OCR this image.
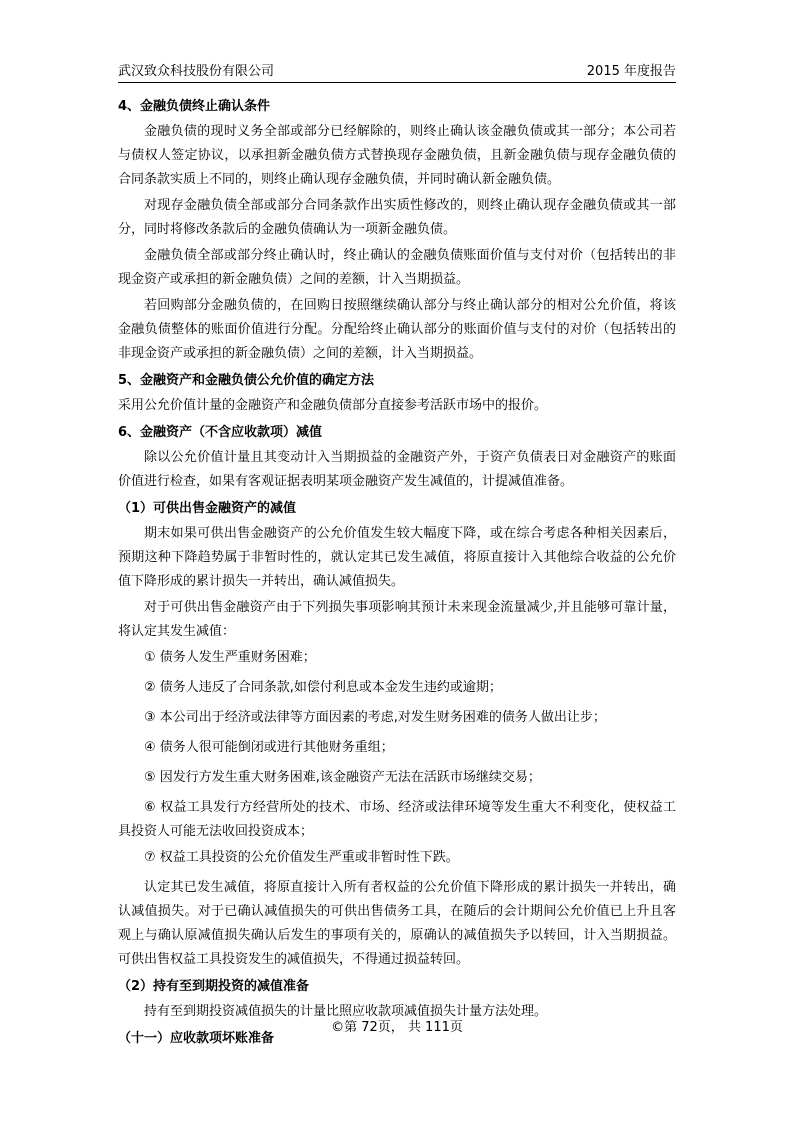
武汉致众科技股份有限公司	2015 年度报告

4、金融负债终止确认条件

金融负债的现时义务全部或部分已经解除的，则终止确认该金融负债或其一部分；本公司若与债权人签定协议，以承担新金融负债方式替换现存金融负债，且新金融负债与现存金融负债的合同条款实质上不同的，则终止确认现存金融负债，并同时确认新金融负债。

对现存金融负债全部或部分合同条款作出实质性修改的，则终止确认现存金融负债或其一部分，同时将修改条款后的金融负债确认为一项新金融负债。

金融负债全部或部分终止确认时，终止确认的金融负债账面价值与支付对价（包括转出的非现金资产或承担的新金融负债）之间的差额，计入当期损益。

若回购部分金融负债的，在回购日按照继续确认部分与终止确认部分的相对公允价值，将该金融负债整体的账面价值进行分配。分配给终止确认部分的账面价值与支付的对价（包括转出的非现金资产或承担的新金融负债）之间的差额，计入当期损益。

5、金融资产和金融负债公允价值的确定方法

采用公允价值计量的金融资产和金融负债部分直接参考活跃市场中的报价。

6、金融资产（不含应收款项）减值

除以公允价值计量且其变动计入当期损益的金融资产外，于资产负债表日对金融资产的账面价值进行检查，如果有客观证据表明某项金融资产发生减值的，计提减值准备。

（1）可供出售金融资产的减值

期末如果可供出售金融资产的公允价值发生较大幅度下降，或在综合考虑各种相关因素后，预期这种下降趋势属于非暂时性的，就认定其已发生减值，将原直接计入其他综合收益的公允价值下降形成的累计损失一并转出，确认减值损失。

对于可供出售金融资产由于下列损失事项影响其预计未来现金流量减少,并且能够可靠计量，将认定其发生减值：

① 债务人发生严重财务困难；

② 债务人违反了合同条款,如偿付利息或本金发生违约或逾期；

③ 本公司出于经济或法律等方面因素的考虑,对发生财务困难的债务人做出让步；

④ 债务人很可能倒闭或进行其他财务重组；

⑤ 因发行方发生重大财务困难,该金融资产无法在活跃市场继续交易；

⑥ 权益工具发行方经营所处的技术、市场、经济或法律环境等发生重大不利变化，使权益工具投资人可能无法收回投资成本；

⑦ 权益工具投资的公允价值发生严重或非暂时性下跌。

认定其已发生减值，将原直接计入所有者权益的公允价值下降形成的累计损失一并转出，确认减值损失。对于已确认减值损失的可供出售债务工具，在随后的会计期间公允价值已上升且客观上与确认原减值损失确认后发生的事项有关的，原确认的减值损失予以转回，计入当期损益。可供出售权益工具投资发生的减值损失，不得通过损益转回。

（2）持有至到期投资的减值准备

持有至到期投资减值损失的计量比照应收款项减值损失计量方法处理。

（十一）应收款项坏账准备

©第 72页， 共 111页
